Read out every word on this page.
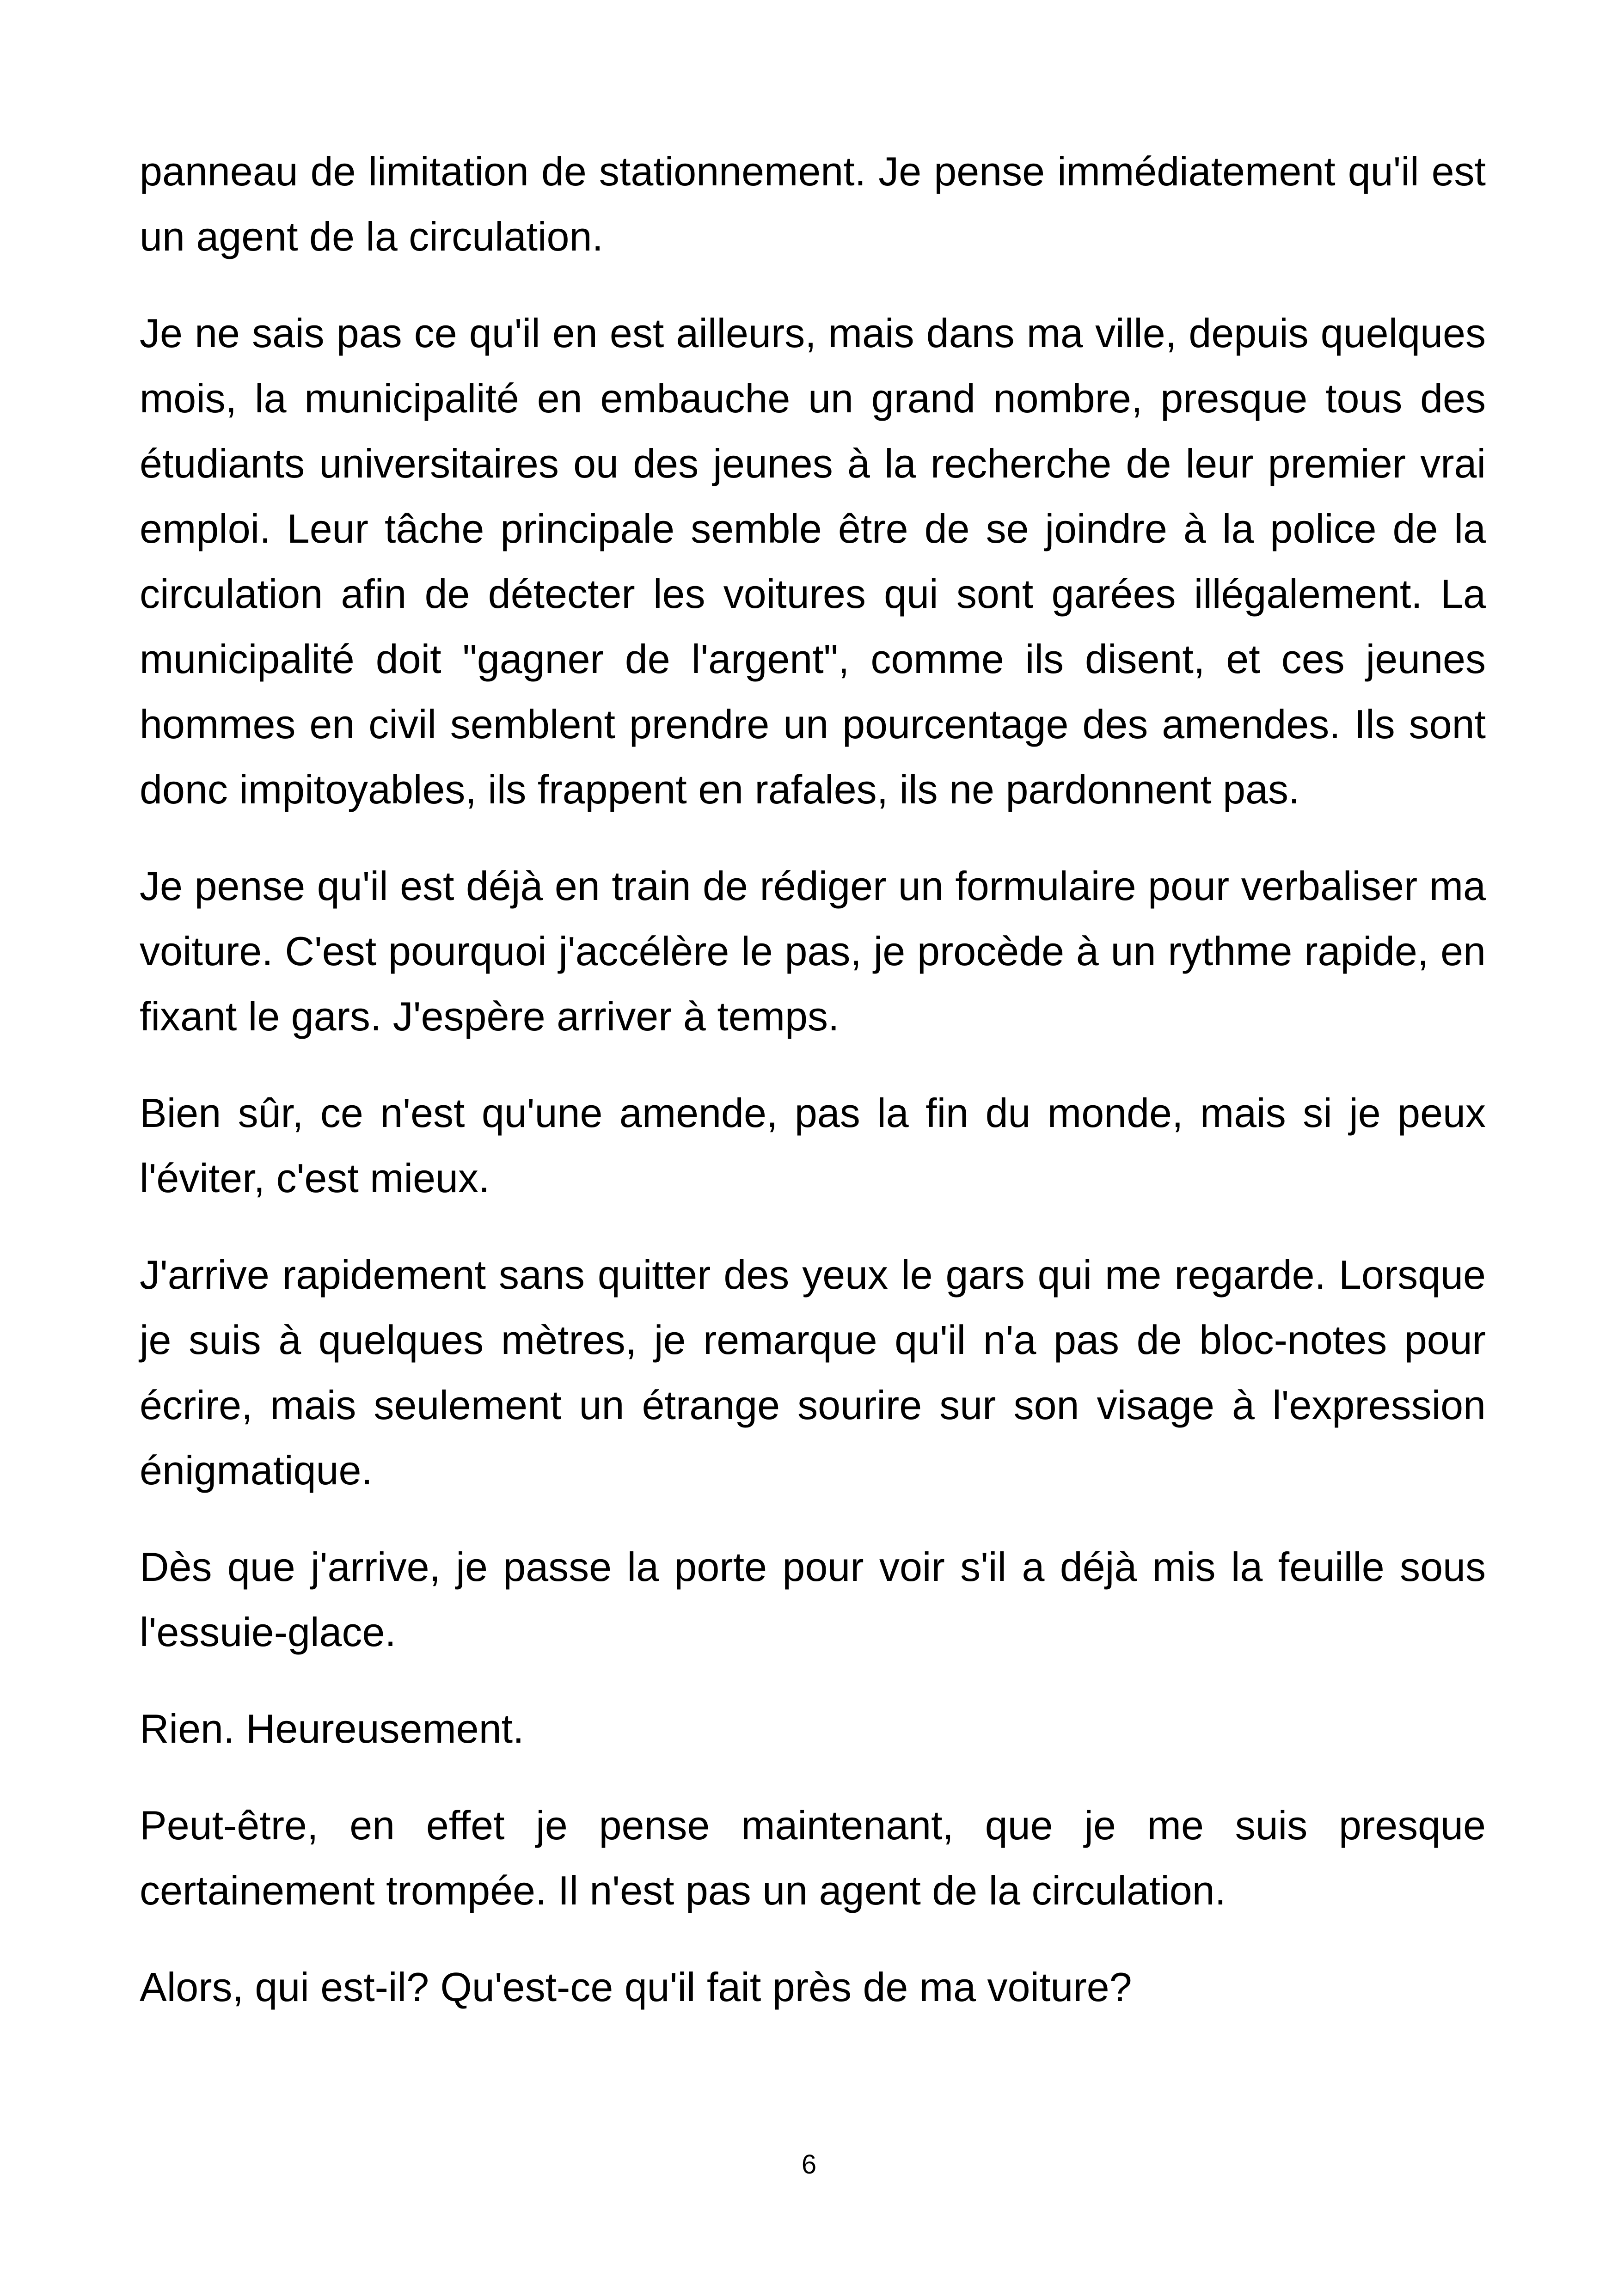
panneau de limitation de stationnement. Je pense immédiatement qu'il est un agent de la circulation.

Je ne sais pas ce qu'il en est ailleurs, mais dans ma ville, depuis quelques mois, la municipalité en embauche un grand nombre, presque tous des étudiants universitaires ou des jeunes à la recherche de leur premier vrai emploi. Leur tâche principale semble être de se joindre à la police de la circulation afin de détecter les voitures qui sont garées illégalement. La municipalité doit "gagner de l'argent", comme ils disent, et ces jeunes hommes en civil semblent prendre un pourcentage des amendes. Ils sont donc impitoyables, ils frappent en rafales, ils ne pardonnent pas.

Je pense qu'il est déjà en train de rédiger un formulaire pour verbaliser ma voiture. C'est pourquoi j'accélère le pas, je procède à un rythme rapide, en fixant le gars. J'espère arriver à temps.

Bien sûr, ce n'est qu'une amende, pas la fin du monde, mais si je peux l'éviter, c'est mieux.

J'arrive rapidement sans quitter des yeux le gars qui me regarde. Lorsque je suis à quelques mètres, je remarque qu'il n'a pas de bloc-notes pour écrire, mais seulement un étrange sourire sur son visage à l'expression énigmatique.

Dès que j'arrive, je passe la porte pour voir s'il a déjà mis la feuille sous l'essuie-glace.

Rien. Heureusement.

Peut-être, en effet je pense maintenant, que je me suis presque certainement trompée. Il n'est pas un agent de la circulation.

Alors, qui est-il? Qu'est-ce qu'il fait près de ma voiture?

6
